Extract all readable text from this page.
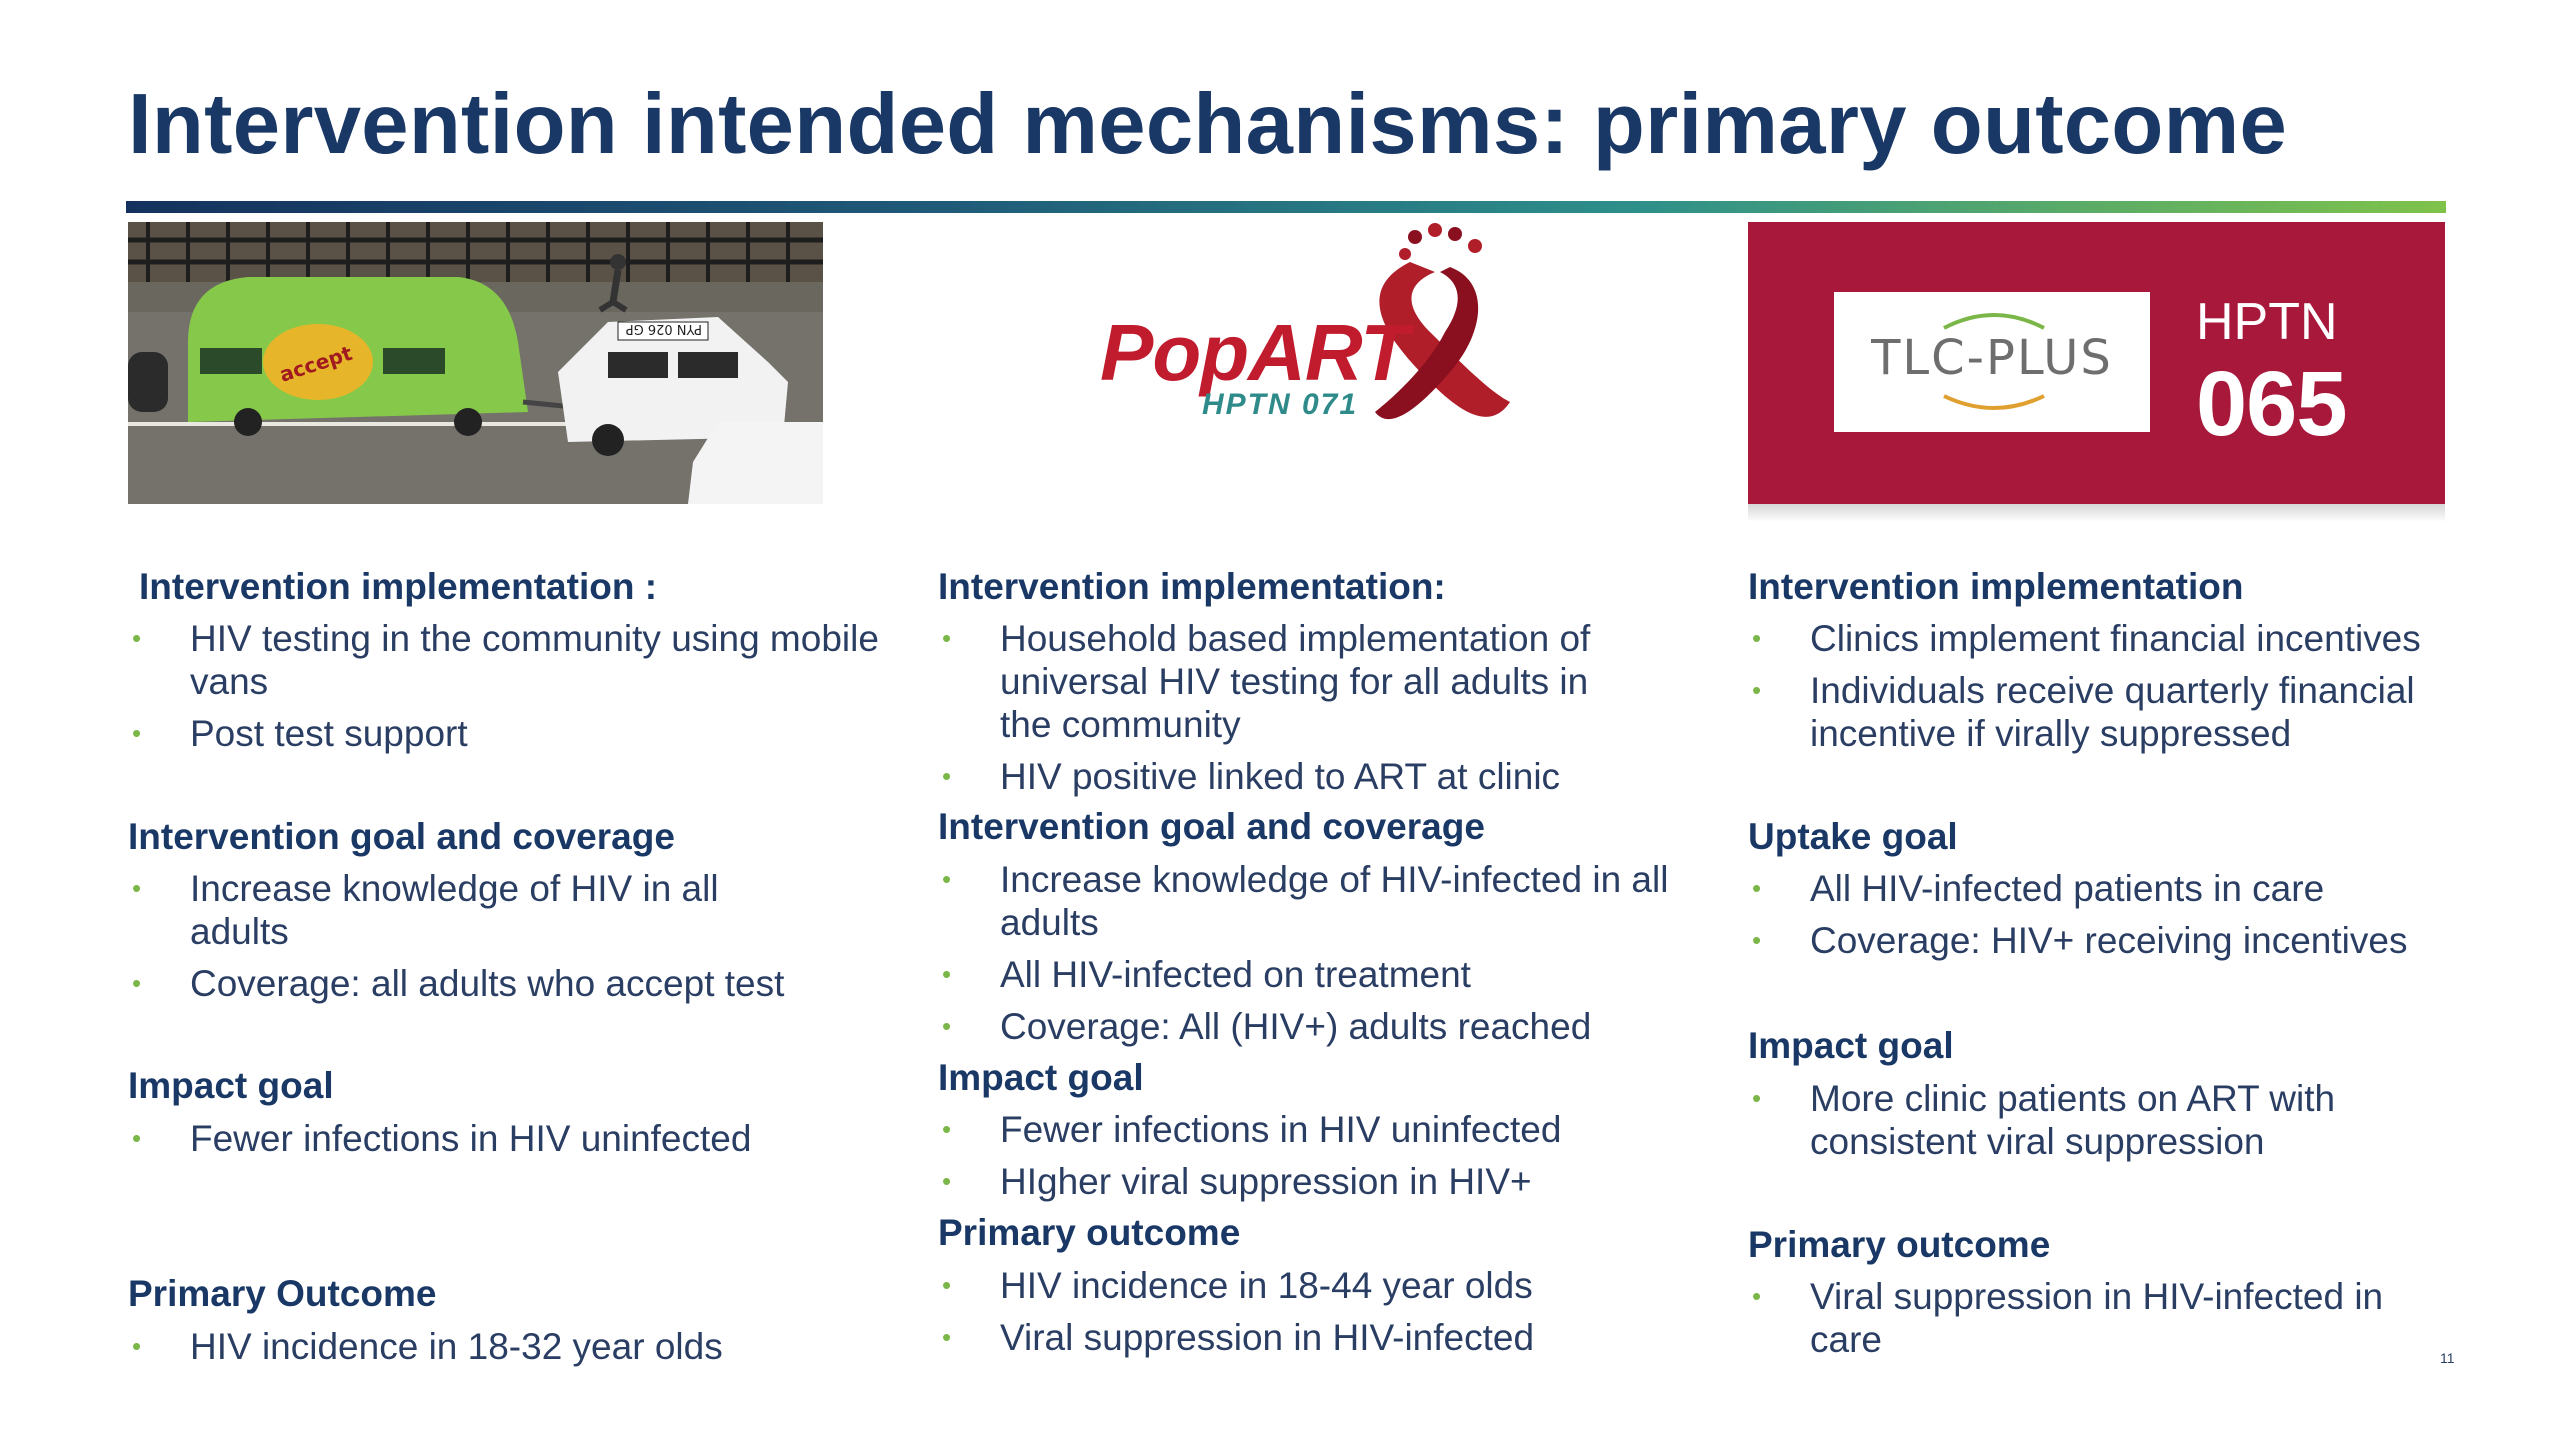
Intervention intended mechanisms: primary outcome
accept
PYN 026 GP	PopART
HPTN 071
TLC-PLUS
HPTN
065
Intervention implementation :
• HIV testing in the community using mobile vans
• Post test support
Intervention goal and coverage
• Increase knowledge of HIV in all adults
• Coverage: all adults who accept test
Impact goal
• Fewer infections in HIV uninfected
Primary Outcome
• HIV incidence in 18-32 year olds
Intervention implementation:
• Household based implementation of universal HIV testing for all adults in the community
• HIV positive linked to ART at clinic
Intervention goal and coverage
• Increase knowledge of HIV-infected in all adults
• All HIV-infected on treatment
• Coverage: All (HIV+) adults reached
Impact goal
• Fewer infections in HIV uninfected
• HIgher viral suppression in HIV+
Primary outcome
• HIV incidence in 18-44 year olds
• Viral suppression in HIV-infected
Intervention implementation
• Clinics implement financial incentives
• Individuals receive quarterly financial incentive if virally suppressed
Uptake goal
• All HIV-infected patients in care
• Coverage: HIV+ receiving incentives
Impact goal
• More clinic patients on ART with consistent viral suppression
Primary outcome
• Viral suppression in HIV-infected in care	11
